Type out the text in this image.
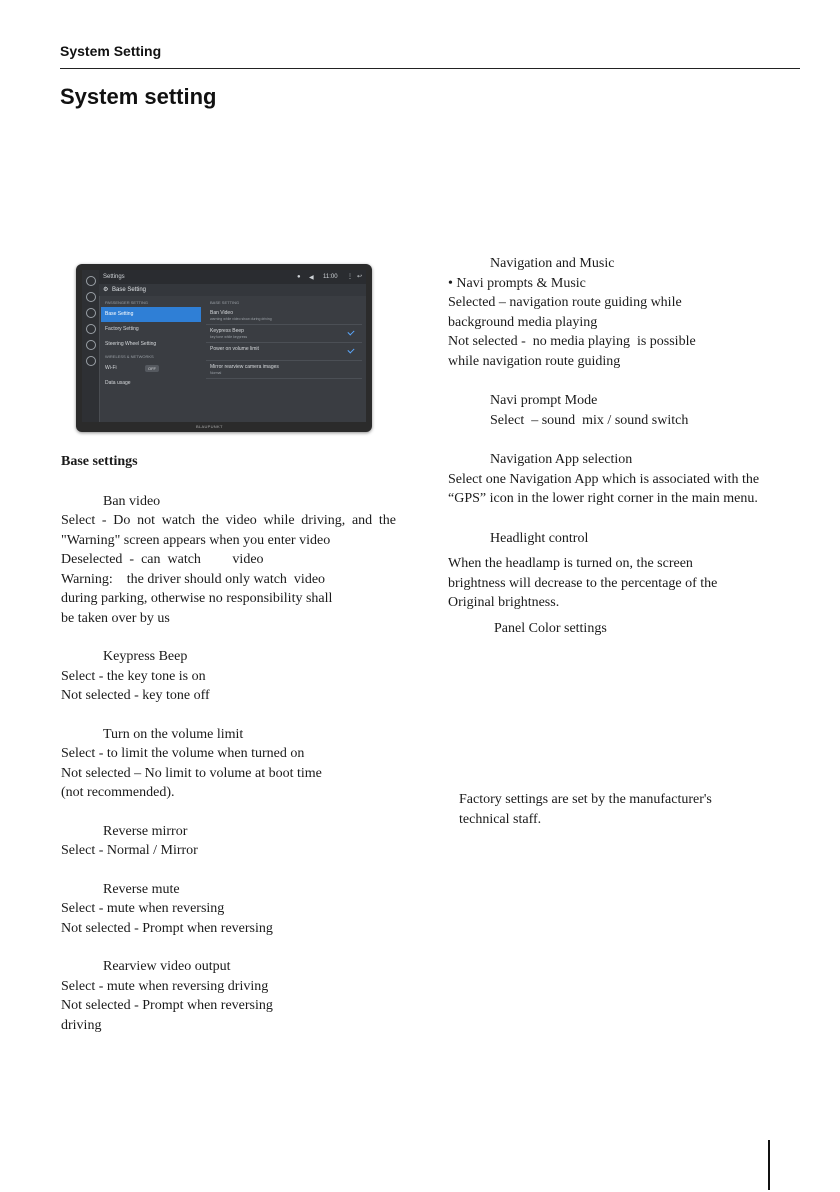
System Setting
System setting
Settings	● ◀ 11:00 ⋮ ↩
⚙ Base Setting
PASSENGER SETTING
Base Setting
Factory Setting
Steering Wheel Setting
WIRELESS & NETWORKS
Wi-Fi	OFF
Data usage
BASE SETTING
Ban Video
warning while video show during driving
Keypress Beep
key tone while keypress
Power on volume limit
Mirror rearview camera images
Normal
BLAUPUNKT
Base settings
Ban video
Select - Do not watch the video while driving, and the "Warning" screen appears when you enter video
Deselected  -  can  watch         video
Warning:    the driver should only watch  video
during parking, otherwise no responsibility shall
be taken over by us
Keypress Beep
Select - the key tone is on
Not selected - key tone off
Turn on the volume limit
Select - to limit the volume when turned on
Not selected – No limit to volume at boot time
(not recommended).
Reverse mirror
Select - Normal / Mirror
Reverse mute
Select - mute when reversing
Not selected - Prompt when reversing
Rearview video output
Select - mute when reversing driving
Not selected - Prompt when reversing
driving
Navigation and Music
• Navi prompts & Music
Selected – navigation route guiding while
background media playing
Not selected -  no media playing  is possible
while navigation route guiding
Navi prompt Mode
Select  – sound  mix / sound switch
Navigation App selection
Select one Navigation App which is associated with the
“GPS” icon in the lower right corner in the main menu.
Headlight control
When the headlamp is turned on, the screen
brightness will decrease to the percentage of the
Original brightness.
Panel Color settings
Factory settings are set by the manufacturer's
technical staff.
